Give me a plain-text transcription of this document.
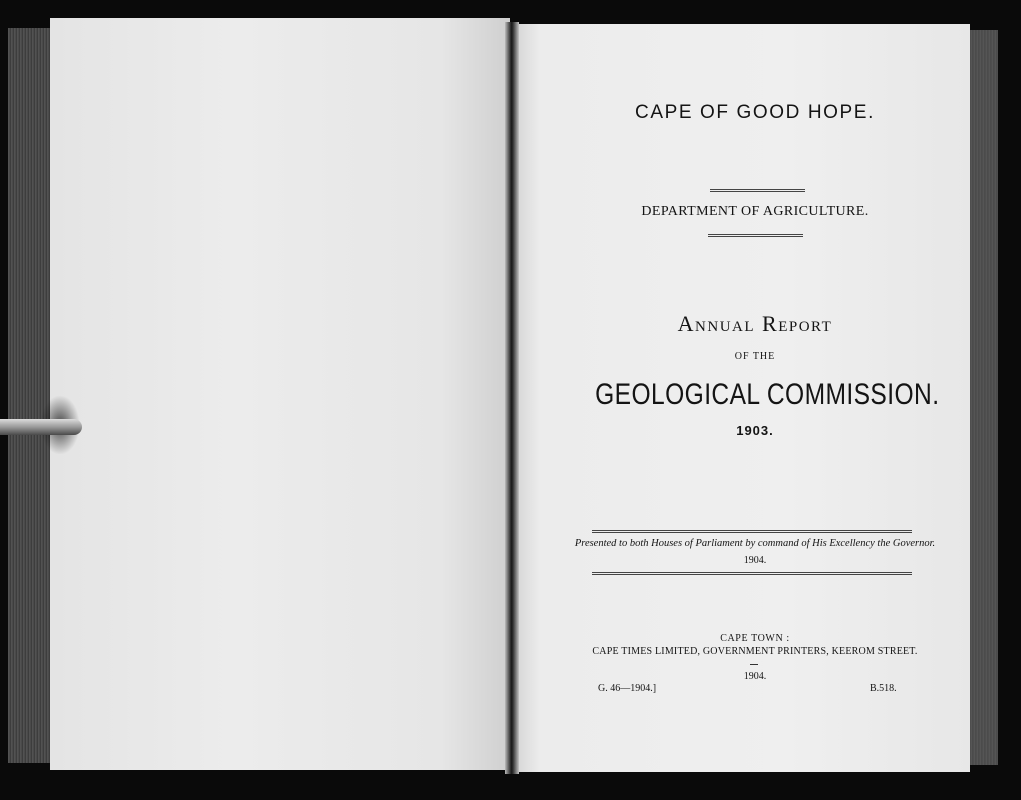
CAPE OF GOOD HOPE.
DEPARTMENT OF AGRICULTURE.
Annual Report
OF THE
GEOLOGICAL COMMISSION.
1903.
Presented to both Houses of Parliament by command of His Excellency the Governor.
1904.
CAPE TOWN :
CAPE TIMES LIMITED, GOVERNMENT PRINTERS, KEEROM STREET.
1904.
G. 46—1904.]	B.518.
